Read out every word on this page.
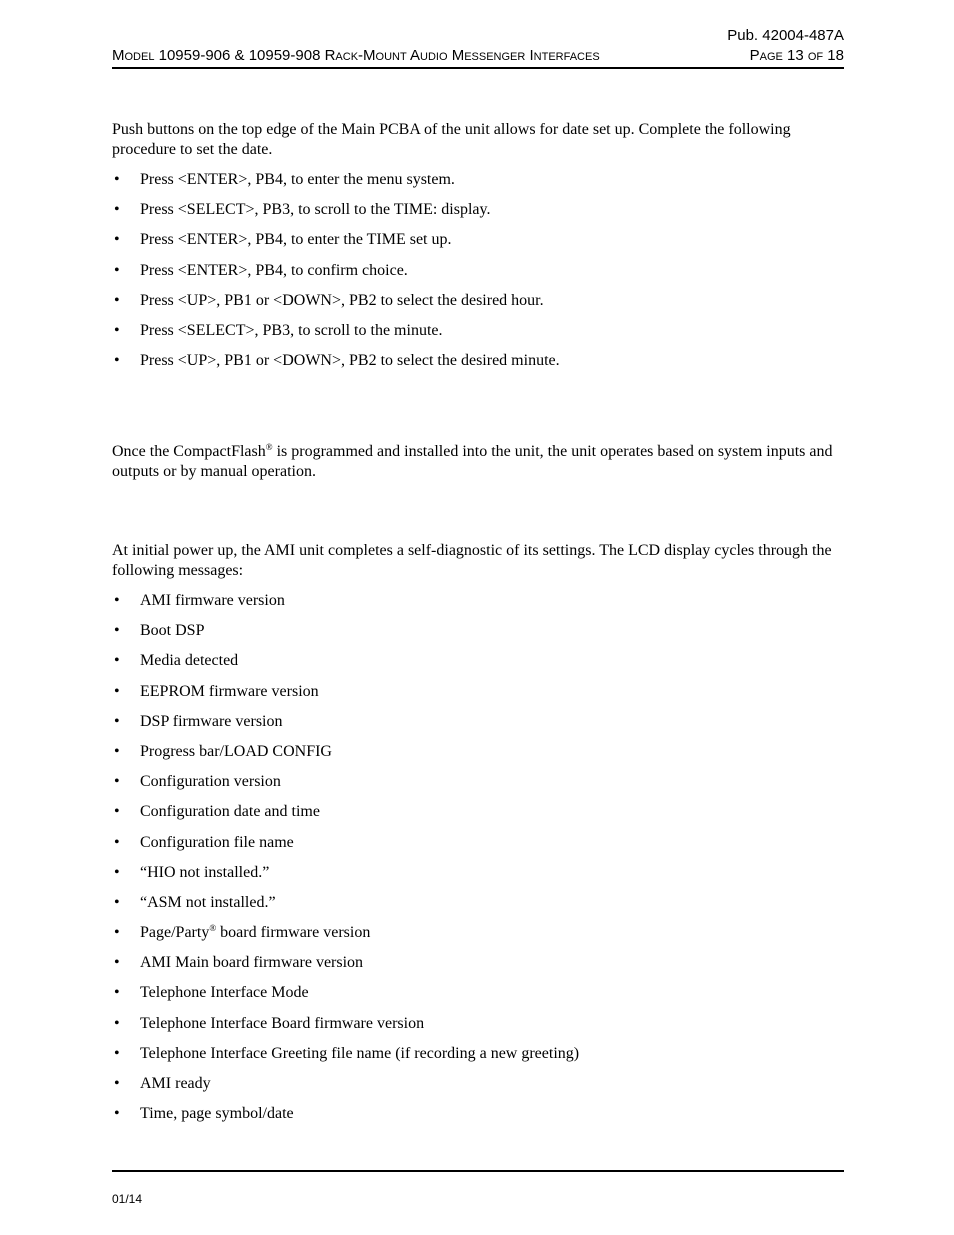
Pub. 42004-487A
Model 10959-906 & 10959-908 Rack-Mount Audio Messenger Interfaces	Page 13 of 18

Push buttons on the top edge of the Main PCBA of the unit allows for date set up. Complete the following procedure to set the date.

• Press <ENTER>, PB4, to enter the menu system.
• Press <SELECT>, PB3, to scroll to the TIME: display.
• Press <ENTER>, PB4, to enter the TIME set up.
• Press <ENTER>, PB4, to confirm choice.
• Press <UP>, PB1 or <DOWN>, PB2 to select the desired hour.
• Press <SELECT>, PB3, to scroll to the minute.
• Press <UP>, PB1 or <DOWN>, PB2 to select the desired minute.

Once the CompactFlash® is programmed and installed into the unit, the unit operates based on system inputs and outputs or by manual operation.

At initial power up, the AMI unit completes a self-diagnostic of its settings. The LCD display cycles through the following messages:

• AMI firmware version
• Boot DSP
• Media detected
• EEPROM firmware version
• DSP firmware version
• Progress bar/LOAD CONFIG
• Configuration version
• Configuration date and time
• Configuration file name
• “HIO not installed.”
• “ASM not installed.”
• Page/Party® board firmware version
• AMI Main board firmware version
• Telephone Interface Mode
• Telephone Interface Board firmware version
• Telephone Interface Greeting file name (if recording a new greeting)
• AMI ready
• Time, page symbol/date
01/14
